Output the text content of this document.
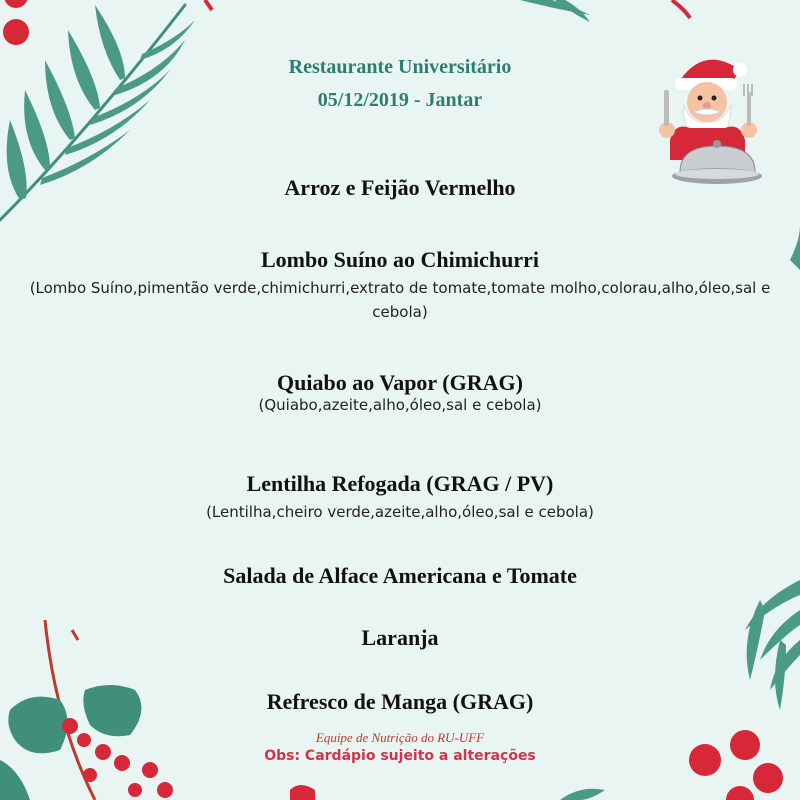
Restaurante Universitário
05/12/2019 - Jantar
Arroz e Feijão Vermelho
Lombo Suíno ao Chimichurri
(Lombo Suíno,pimentão verde,chimichurri,extrato de tomate,tomate molho,colorau,alho,óleo,sal e cebola)
Quiabo ao Vapor (GRAG)
(Quiabo,azeite,alho,óleo,sal e cebola)
Lentilha Refogada (GRAG / PV)
(Lentilha,cheiro verde,azeite,alho,óleo,sal e cebola)
Salada de Alface Americana e Tomate
Laranja
Refresco de Manga (GRAG)
Equipe de Nutrição do RU-UFF
Obs: Cardápio sujeito a alterações
